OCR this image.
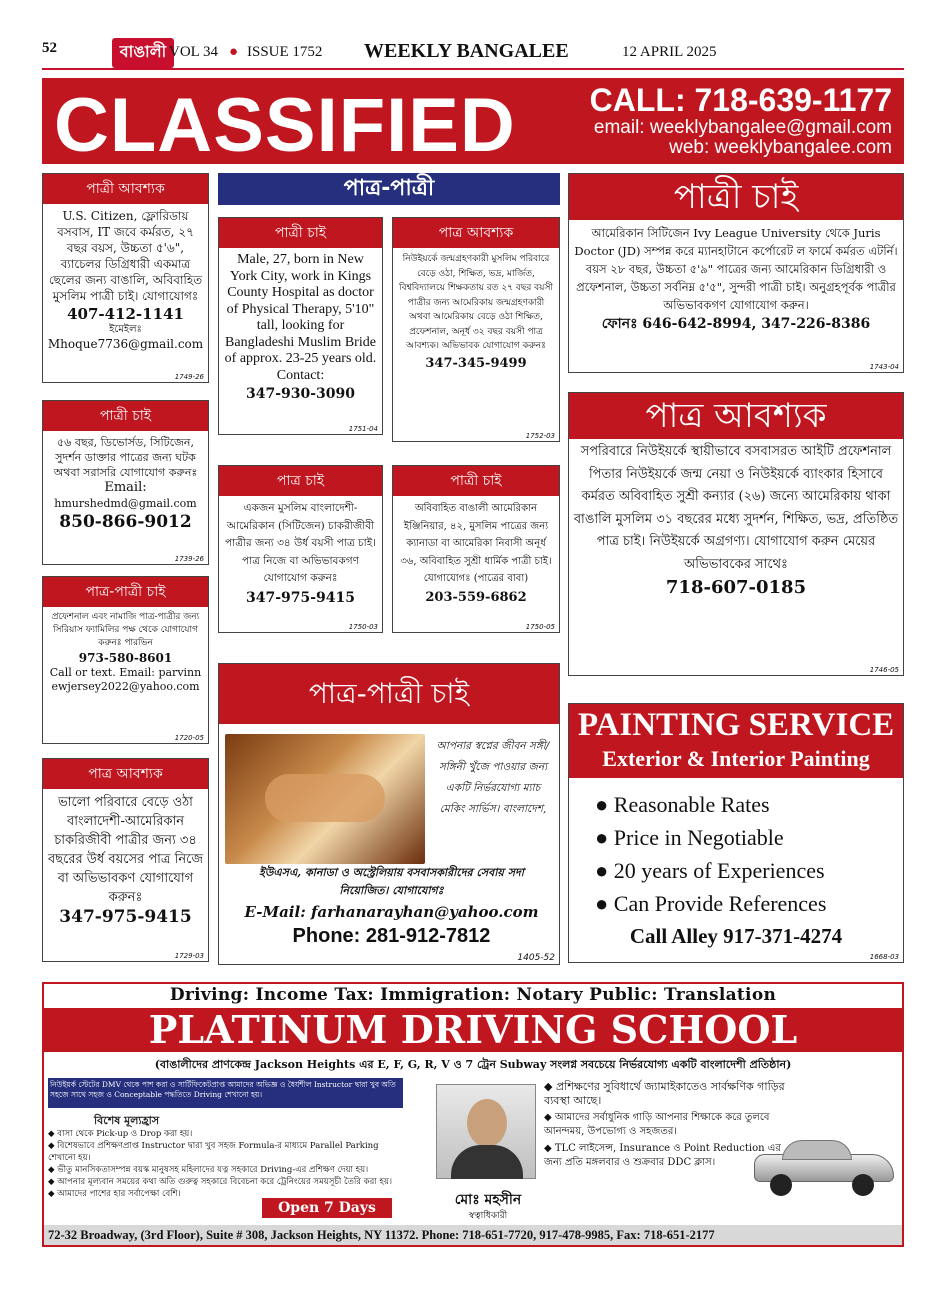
52	বাঙালী VOL 34 ● ISSUE 1752 WEEKLY BANGALEE	12 APRIL 2025
CLASSIFIED CALL: 718-639-1177
email: weeklybangalee@gmail.com
web: weeklybangalee.com
পাত্রী আবশ্যক

U.S. Citizen, ফ্লোরিডায় বসবাস, IT জবে কর্মরত, ২৭ বছর বয়স, উচ্চতা ৫'৬", ব্যাচেলর ডিগ্রিধারী একমাত্র ছেলের জন্য বাঙালি, অবিবাহিত মুসলিম পাত্রী চাই। যোগাযোগঃ

407-412-1141

ইমেইলঃ

Mhoque7736@gmail.com

1749-26
পাত্রী চাই

৫৬ বছর, ডিভোর্সড, সিটিজেন, সুদর্শন ডাক্তার পাত্রের জন্য ঘটক অথবা সরাসরি যোগাযোগ করুনঃ

Email:

hmurshedmd@gmail.com

850-866-9012

1739-26
পাত্র-পাত্রী চাই

প্রফেশনাল এবং নামাজি পাত্র-পাত্রীর জন্য সিরিয়াস ফ্যামিলির পক্ষ থেকে যোগাযোগ করুনঃ পারভিন

973-580-8601

Call or text. Email: parvinnewjersey2022@yahoo.com

1720-05
পাত্র আবশ্যক

ভালো পরিবারে বেড়ে ওঠা বাংলাদেশী-আমেরিকান চাকরিজীবী পাত্রীর জন্য ৩৪ বছরের উর্ধ বয়সের পাত্র নিজে বা অভিভাবকণ যোগাযোগ করুনঃ

347-975-9415

1729-03
পাত্র-পাত্রী
পাত্রী চাই

Male, 27, born in New York City, work in Kings County Hospital as doctor of Physical Therapy, 5'10" tall, looking for Bangladeshi Muslim Bride of approx. 23-25 years old. Contact:

347-930-3090

1751-04
পাত্র আবশ্যক

নিউইয়র্কে জন্মগ্রহণকারী মুসলিম পরিবারে বেড়ে ওঠা, শিক্ষিত, ভদ্র, মার্জিত, বিশ্ববিদ্যালয়ে শিক্ষকতায় রত ২৭ বছর বয়সী পাত্রীর জন্য আমেরিকায় জন্মগ্রহণকারী অথবা আমেরিকায় বেড়ে ওঠা শিক্ষিত, প্রফেশনাল, অনূর্ধ ৩২ বছর বয়সী পাত্র আবশ্যক। অভিভাবক যোগাযোগ করুনঃ

347-345-9499

1752-03
পাত্র চাই

একজন মুসলিম বাংলাদেশী-আমেরিকান (সিটিজেন) চাকরীজীবী পাত্রীর জন্য ৩৪ উর্ধ বয়সী পাত্র চাই। পাত্র নিজে বা অভিভাবকগণ যোগাযোগ করুনঃ

347-975-9415

1750-03
পাত্রী চাই

অবিবাহিত বাঙালী আমেরিকান ইঞ্জিনিয়ার, ৪২, মুসলিম পাত্রের জন্য ক্যানাডা বা আমেরিকা নিবাসী অনূর্ধ ৩৬, অবিবাহিত সুশ্রী ধার্মিক পাত্রী চাই। যোগাযোগঃ (পাত্রের বাবা)

203-559-6862

1750-05
পাত্র-পাত্রী চাই

আপনার স্বপ্নের জীবন সঙ্গী/সঙ্গিনী খুঁজে পাওয়ার জন্য একটি নির্ভরযোগ্য ম্যাচ মেকিং সার্ভিস। বাংলাদেশ,

ইউএসএ, কানাডা ও অস্ট্রেলিয়ায় বসবাসকারীদের সেবায় সদা নিয়োজিত। যোগাযোগঃ

E-Mail: farhanarayhan@yahoo.com

Phone: 281-912-7812

1405-52
পাত্রী চাই

আমেরিকান সিটিজেন Ivy League University থেকে Juris Doctor (JD) সম্পন্ন করে ম্যানহাটানে কর্পোরেট ল ফার্মে কর্মরত এটর্নি। বয়স ২৮ বছর, উচ্চতা ৫'৯" পাত্রের জন্য আমেরিকান ডিগ্রিধারী ও প্রফেশনাল, উচ্চতা সর্বনিম্ন ৫'৫", সুন্দরী পাত্রী চাই। অনুগ্রহপূর্বক পাত্রীর অভিভাবকগণ যোগাযোগ করুন।

ফোনঃ 646-642-8994, 347-226-8386

1743-04
পাত্র আবশ্যক

সপরিবারে নিউইয়র্কে স্থায়ীভাবে বসবাসরত আইটি প্রফেশনাল পিতার নিউইয়র্কে জন্ম নেয়া ও নিউইয়র্কে ব্যাংকার হিসাবে কর্মরত অবিবাহিত সুশ্রী কন্যার (২৬) জন্যে আমেরিকায় থাকা বাঙালি মুসলিম ৩১ বছরের মধ্যে সুদর্শন, শিক্ষিত, ভদ্র, প্রতিষ্ঠিত পাত্র চাই। নিউইয়র্কে অগ্রগণ্য। যোগাযোগ করুন মেয়ের অভিভাবকের সাথেঃ

718-607-0185

1746-05
PAINTING SERVICE
Exterior & Interior Painting
● Reasonable Rates
● Price in Negotiable
● 20 years of Experiences
● Can Provide References
Call Alley 917-371-4274
1668-03
Driving: Income Tax: Immigration: Notary Public: Translation
PLATINUM DRIVING SCHOOL
(বাঙালীদের প্রাণকেন্দ্র Jackson Heights এর E, F, G, R, V ও 7 ট্রেন Subway সংলগ্ন সবচেয়ে নির্ভরযোগ্য একটি বাংলাদেশী প্রতিষ্ঠান)
নিউইয়র্ক স্টেটের DMV থেকে পাশ করা ও সার্টিফিকেটপ্রাপ্ত আমাদের অভিজ্ঞ ও ধৈর্যশীল Instructor দ্বারা খুব অতি সহজে সাথে সহজ ও Conceptable পদ্ধতিতে Driving শেখানো হয়।
বিশেষ মূল্যহ্রাস
◆ বাসা থেকে Pick-up ও Drop করা হয়।
◆ বিশেষভাবে প্রশিক্ষণপ্রাপ্ত Instructor দ্বারা খুব সহজ Formula-র মাধ্যমে Parallel Parking শেখানো হয়।
◆ ভীতু মানসিকতাসম্পন্ন বয়স্ক মানুষসহ মহিলাদের যত্ন সহকারে Driving-এর প্রশিক্ষণ দেয়া হয়।
◆ আপনার মূল্যবান সময়ের কথা অতি গুরুত্ব সহকারে বিবেচনা করে ট্রেনিংয়ের সময়সূচী তৈরি করা হয়।
◆ আমাদের পাশের হার সর্বাপেক্ষা বেশি।
Open 7 Days	মোঃ মহসীন
স্বত্বাধিকারী
◆ প্রশিক্ষণের সুবিধার্থে জ্যামাইকাতেও সার্বক্ষণিক গাড়ির ব্যবস্থা আছে।
◆ আমাদের সর্বাধুনিক গাড়ি আপনার শিক্ষাকে করে তুলবে আনন্দময়, উপভোগ্য ও সহজতর।
◆ TLC লাইসেন্স, Insurance ও Point Reduction এর জন্য প্রতি মঙ্গলবার ও শুক্রবার DDC ক্লাস।
72-32 Broadway, (3rd Floor), Suite # 308, Jackson Heights, NY 11372. Phone: 718-651-7720, 917-478-9985, Fax: 718-651-2177
